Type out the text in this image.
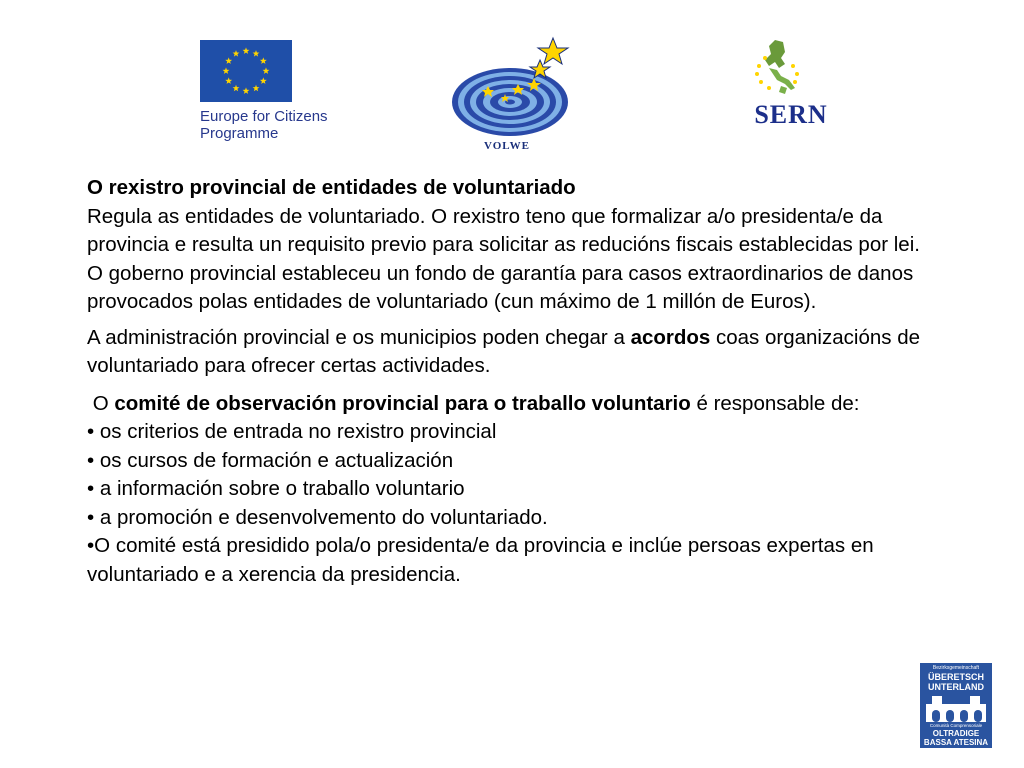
Europe for Citizens
Programme
VOLWE
SERN

O rexistro provincial de entidades de voluntariado

Regula as entidades de voluntariado. O rexistro teno que formalizar a/o presidenta/e da provincia e resulta un requisito previo para solicitar as reducións fiscais establecidas por lei.

O goberno provincial estableceu un fondo de garantía para casos extraordinarios de danos provocados polas entidades de voluntariado (cun máximo de 1 millón de Euros).

A administración provincial e os municipios poden chegar a acordos coas organizacións de voluntariado para ofrecer certas actividades.

O comité de observación provincial para o traballo voluntario é responsable de:

• os criterios de entrada no rexistro provincial

• os cursos de formación e actualización

• a información sobre o traballo voluntario

• a promoción e desenvolvemento do voluntariado.

•O comité está presidido pola/o presidenta/e da provincia e inclúe persoas expertas en voluntariado e a xerencia da presidencia.

Bezirksgemeinschaft
ÜBERETSCH
UNTERLAND
Comunità Comprensoriale
OLTRADIGE
BASSA ATESINA
